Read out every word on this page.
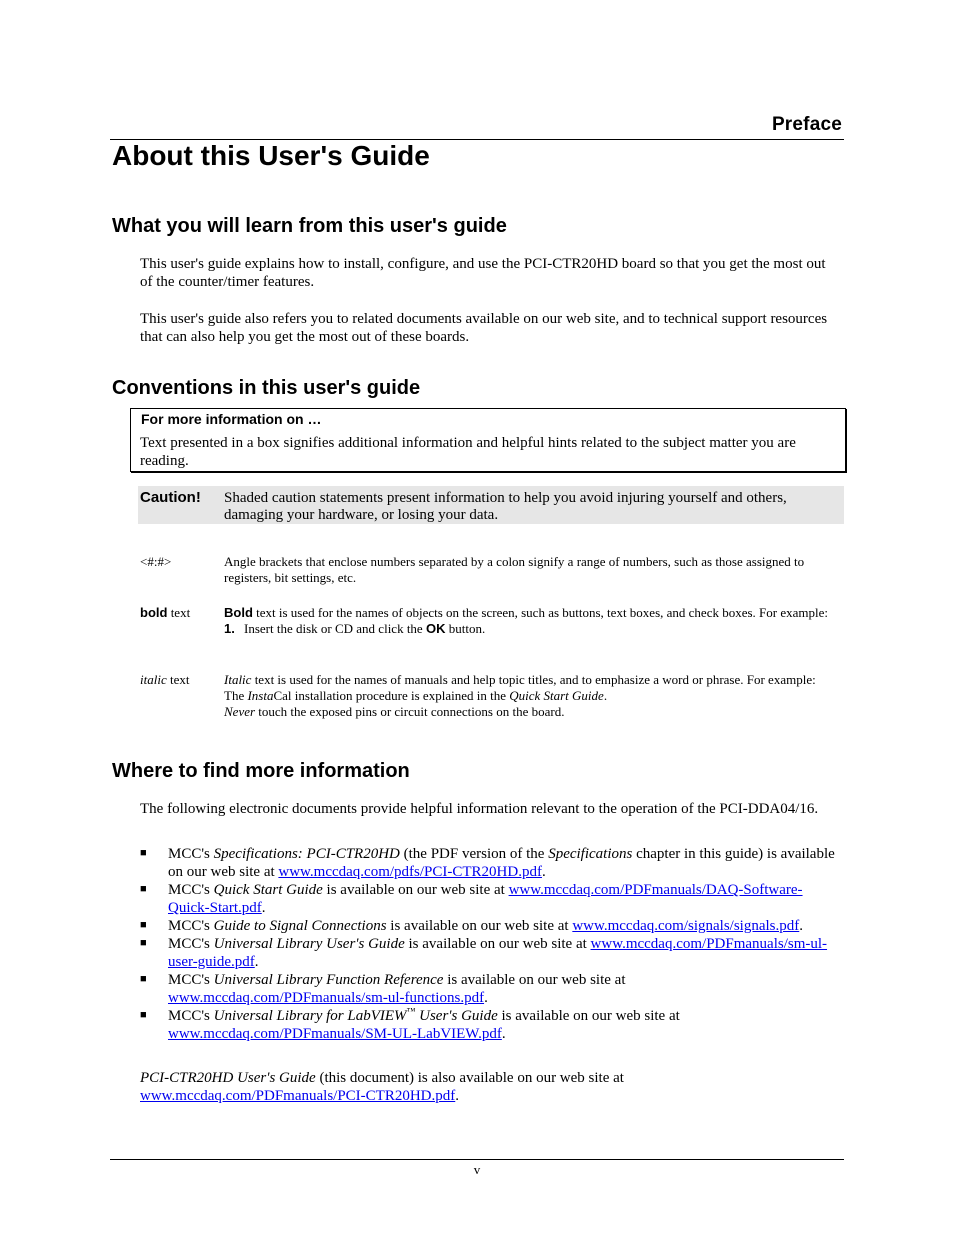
Preface
About this User's Guide
What you will learn from this user's guide

This user's guide explains how to install, configure, and use the PCI-CTR20HD board so that you get the most out of the counter/timer features.

This user's guide also refers you to related documents available on our web site, and to technical support resources that can also help you get the most out of these boards.

Conventions in this user's guide
For more information on …
Text presented in a box signifies additional information and helpful hints related to the subject matter you are reading.
Caution! Shaded caution statements present information to help you avoid injuring yourself and others, damaging your hardware, or losing your data.
<#:#>	Angle brackets that enclose numbers separated by a colon signify a range of numbers, such as those assigned to registers, bit settings, etc.
bold text	Bold text is used for the names of objects on the screen, such as buttons, text boxes, and check boxes. For example:
1. Insert the disk or CD and click the OK button.
italic text	Italic text is used for the names of manuals and help topic titles, and to emphasize a word or phrase. For example:
The InstaCal installation procedure is explained in the Quick Start Guide.
Never touch the exposed pins or circuit connections on the board.
Where to find more information

The following electronic documents provide helpful information relevant to the operation of the PCI-DDA04/16.

■ MCC's Specifications: PCI-CTR20HD (the PDF version of the Specifications chapter in this guide) is available on our web site at www.mccdaq.com/pdfs/PCI-CTR20HD.pdf.
■ MCC's Quick Start Guide is available on our web site at www.mccdaq.com/PDFmanuals/DAQ-Software-Quick-Start.pdf.
■ MCC's Guide to Signal Connections is available on our web site at www.mccdaq.com/signals/signals.pdf.
■ MCC's Universal Library User's Guide is available on our web site at www.mccdaq.com/PDFmanuals/sm-ul-user-guide.pdf.
■ MCC's Universal Library Function Reference is available on our web site at www.mccdaq.com/PDFmanuals/sm-ul-functions.pdf.
■ MCC's Universal Library for LabVIEW™ User's Guide is available on our web site at www.mccdaq.com/PDFmanuals/SM-UL-LabVIEW.pdf.

PCI-CTR20HD User's Guide (this document) is also available on our web site at www.mccdaq.com/PDFmanuals/PCI-CTR20HD.pdf.

v
